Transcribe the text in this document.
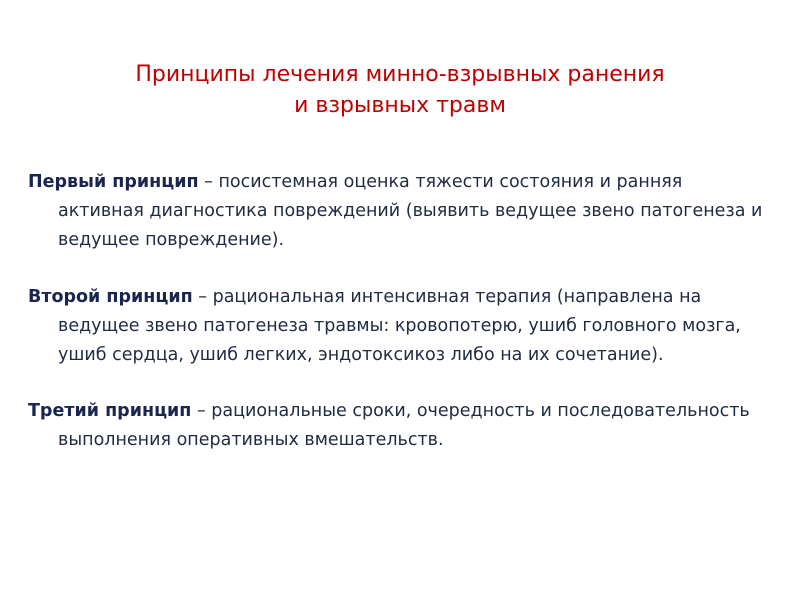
Принципы лечения минно-взрывных ранения
и взрывных травм

Первый принцип – посистемная оценка тяжести состояния и ранняя активная диагностика повреждений (выявить ведущее звено патогенеза и ведущее повреждение).

Второй принцип – рациональная интенсивная терапия (направлена на ведущее звено патогенеза травмы: кровопотерю, ушиб головного мозга, ушиб сердца, ушиб легких, эндотоксикоз либо на их сочетание).

Третий принцип – рациональные сроки, очередность и последовательность выполнения оперативных вмешательств.
